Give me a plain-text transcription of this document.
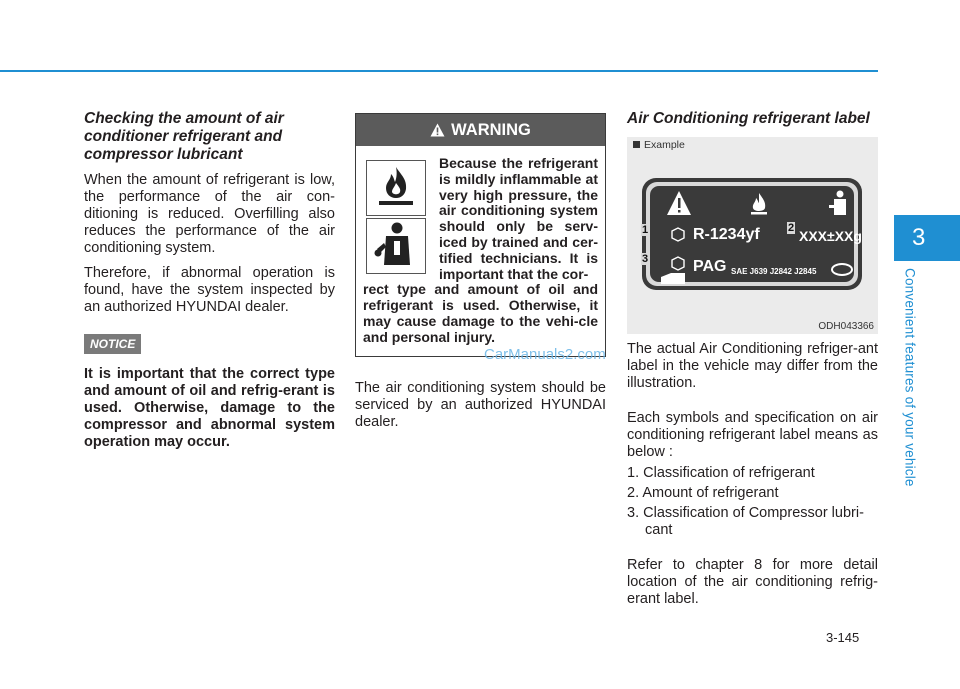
3
Convenient features of your vehicle

Checking the amount of air conditioner refrigerant and compressor lubricant

When the amount of refrigerant is low, the performance of the air con-ditioning is reduced. Overfilling also reduces the performance of the air conditioning system.

Therefore, if abnormal operation is found, have the system inspected by an authorized HYUNDAI dealer.

NOTICE

It is important that the correct type and amount of oil and refrig-erant is used. Otherwise, damage to the compressor and abnormal system operation may occur.

WARNING

Because the refrigerant is mildly inflammable at very high pressure, the air conditioning system should only be serv-iced by trained and cer-tified technicians. It is important that the cor-
rect type and amount of oil and refrigerant is used. Otherwise, it may cause damage to the vehi-cle and personal injury.

The air conditioning system should be serviced by an authorized HYUNDAI dealer.

CarManuals2.com

Air Conditioning refrigerant label

Example
R-1234yf	XXX±XXg
PAG SAE J639 J2842 J2845
1	2
3
ODH043366

The actual Air Conditioning refriger-ant label in the vehicle may differ from the illustration.

Each symbols and specification on air conditioning refrigerant label means as below :

1. Classification of refrigerant

2. Amount of refrigerant

3. Classification of Compressor lubri-cant

Refer to chapter 8 for more detail location of the air conditioning refrig-erant label.

3-145
